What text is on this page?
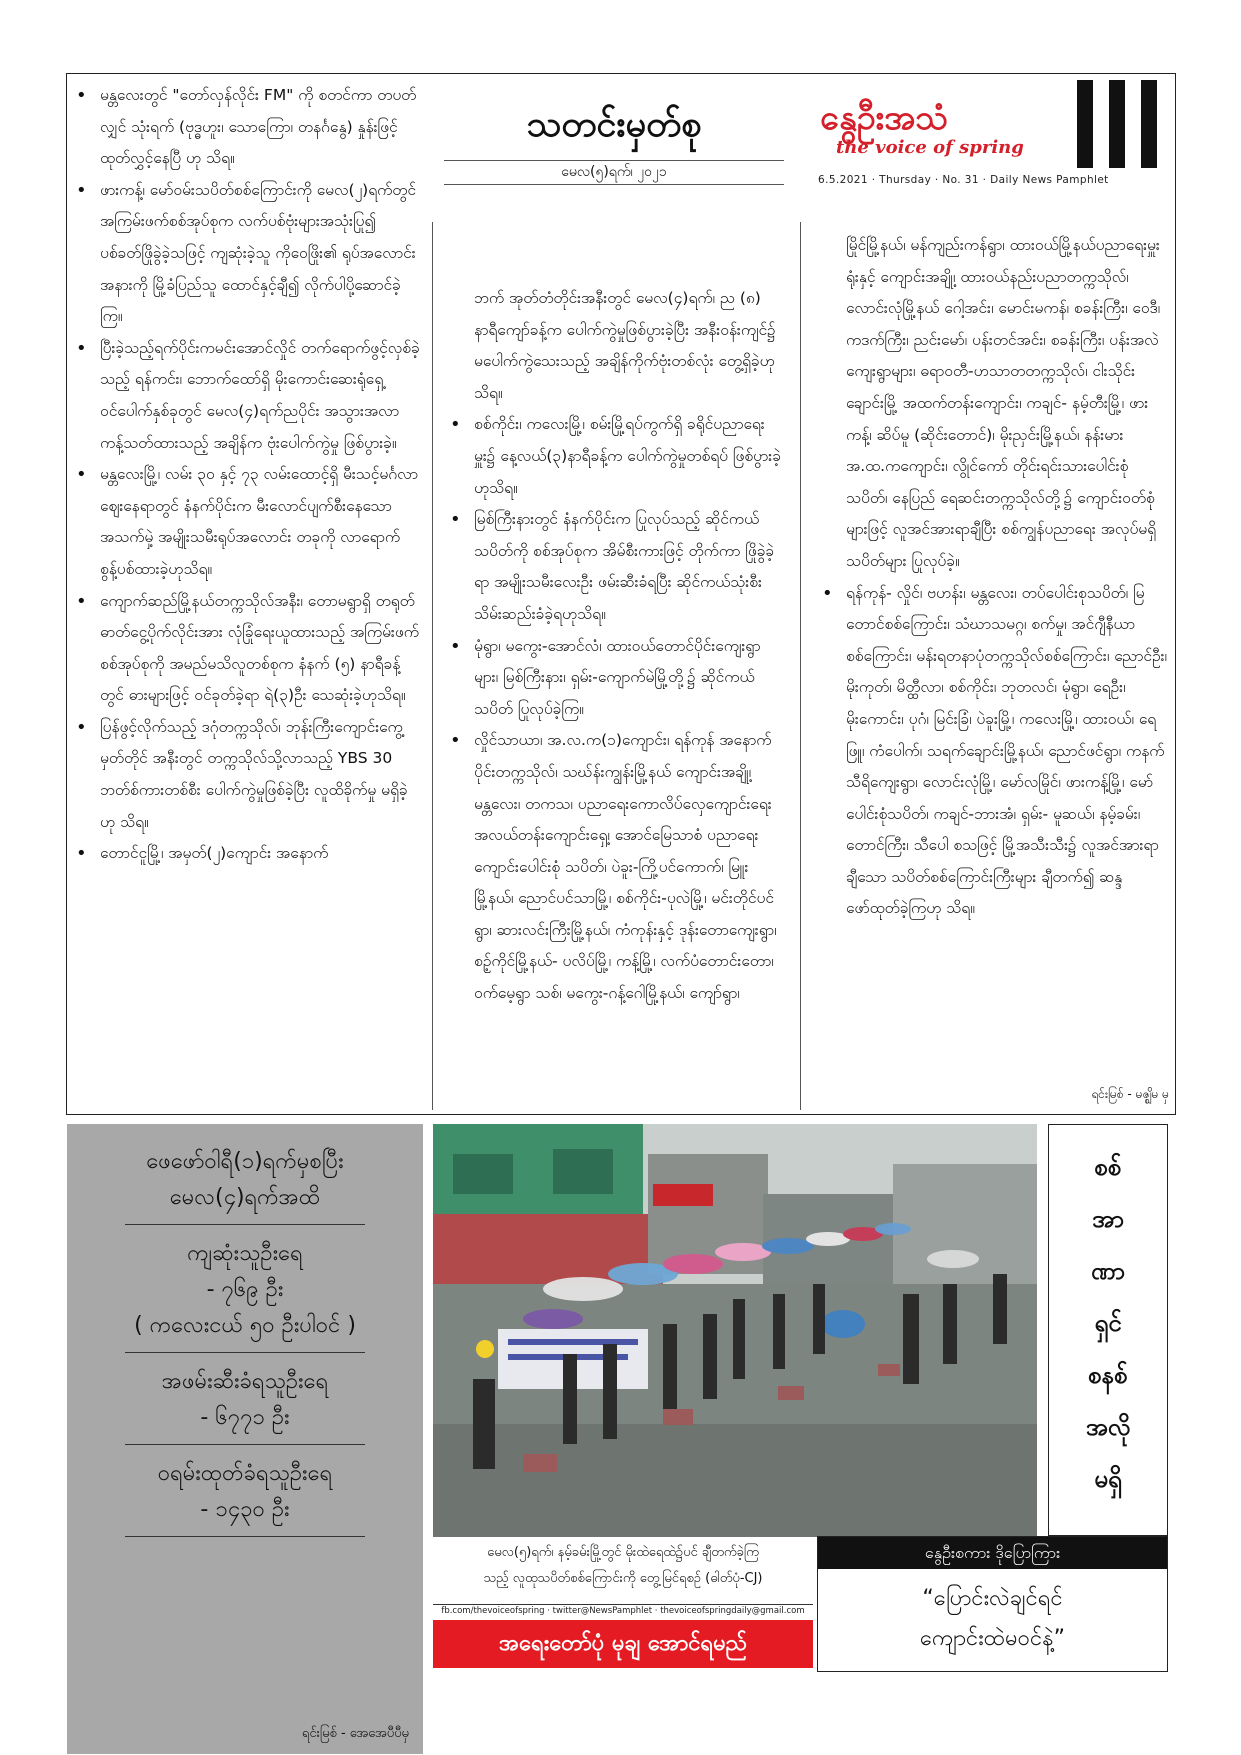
သတင်းမှတ်စု
မေလ(၅)ရက်၊ ၂၀၂၁
နွေဦးအသံ
the voice of spring
6.5.2021 · Thursday · No. 31 · Daily News Pamphlet
• မန္တလေးတွင် "တော်လှန်လိုင်း FM" ကို စတင်ကာ တပတ်လျှင် သုံးရက် (ဗုဒ္ဓဟူး၊ သောကြော၊ တနင်္ဂနွေ) နှုန်းဖြင့် ထုတ်လွှင့်နေပြီ ဟု သိရ။
• ဖားကန့်၊ မော်ဝမ်းသပိတ်စစ်ကြောင်းကို မေလ(၂)ရက်တွင် အကြမ်းဖက်စစ်အုပ်စုက လက်ပစ်ဗုံးများအသုံးပြု၍ ပစ်ခတ်ဖြိုခွဲခဲ့သဖြင့် ကျဆုံးခဲ့သူ ကိုဝေဖြိုး၏ ရုပ်အလောင်းအနားကို မြို့ခံပြည်သူ ထောင်နှင့်ချီ၍ လိုက်ပါပို့ဆောင်ခဲ့ကြ။
• ပြီးခဲ့သည့်ရက်ပိုင်းကမင်းအောင်လှိုင် တက်ရောက်ဖွင့်လှစ်ခဲ့သည့် ရန်ကင်း၊ ဘောက်ထော်ရှိ မိုးကောင်းဆေးရုံရှေ့ ဝင်ပေါက်နှစ်ခုတွင် မေလ(၄)ရက်ညပိုင်း အသွားအလာ ကန့်သတ်ထားသည့် အချိန်က ဗုံးပေါက်ကွဲမှု ဖြစ်ပွားခဲ့။
• မန္တလေးမြို့၊ လမ်း ၃၀ နှင့် ၇၃ လမ်းထောင့်ရှိ မီးသင့်မင်္ဂလာဈေးနေရာတွင် နံနက်ပိုင်းက မီးလောင်ပျက်စီးနေသော အသက်မှဲ့ အမျိုးသမီးရုပ်အလောင်း တခုကို လာရောက်စွန့်ပစ်ထားခဲ့ဟုသိရ။
• ကျောက်ဆည်မြို့နယ်တက္ကသိုလ်အနီး၊ တောမရွာရှိ တရုတ်ဓာတ်ငွေ့ပိုက်လိုင်းအား လုံခြုံရေးယူထားသည့် အကြမ်းဖက်စစ်အုပ်စုကို အမည်မသိလူတစ်စုက နံနက် (၅) နာရီခန့်တွင် ဓားများဖြင့် ဝင်ခုတ်ခဲ့ရာ ရဲ(၃)ဦး သေဆုံးခဲ့ဟုသိရ။
• ပြန်ဖွင့်လိုက်သည့် ဒဂုံတက္ကသိုလ်၊ ဘုန်းကြီးကျောင်းကွေ့မှတ်တိုင် အနီးတွင် တက္ကသိုလ်သို့လာသည့် YBS 30 ဘတ်စ်ကားတစ်စီး ပေါက်ကွဲမှုဖြစ်ခဲ့ပြီး လူထိခိုက်မှု မရှိခဲ့ဟု သိရ။
• တောင်ငူမြို့၊ အမှတ်(၂)ကျောင်း အနောက်
ဘက် အုတ်တံတိုင်းအနီးတွင် မေလ(၄)ရက်၊ ည (၈) နာရီကျော်ခန့်က ပေါက်ကွဲမှုဖြစ်ပွားခဲ့ပြီး အနီးဝန်းကျင်၌ မပေါက်ကွဲသေးသည့် အချိန်ကိုက်ဗုံးတစ်လုံး တွေ့ရှိခဲ့ဟုသိရ။
• စစ်ကိုင်း၊ ကလေးမြို့၊ စမ်းမြို့ရပ်ကွက်ရှိ ခရိုင်ပညာရေးမှူး၌ နေ့လယ်(၃)နာရီခန့်က ပေါက်ကွဲမှုတစ်ရပ် ဖြစ်ပွားခဲ့ဟုသိရ။
• မြစ်ကြီးနားတွင် နံနက်ပိုင်းက ပြုလုပ်သည့် ဆိုင်ကယ်သပိတ်ကို စစ်အုပ်စုက အိမ်စီးကားဖြင့် တိုက်ကာ ဖြိုခွဲခဲ့ရာ အမျိုးသမီးလေးဦး ဖမ်းဆီးခံရပြီး ဆိုင်ကယ်သုံးစီး သိမ်းဆည်းခံခဲ့ရဟုသိရ။
• မုံရွာ၊ မကွေး-အောင်လံ၊ ထားဝယ်တောင်ပိုင်းကျေးရွာများ၊ မြစ်ကြီးနား၊ ရှမ်း-ကျောက်မဲမြို့တို့၌ ဆိုင်ကယ်သပိတ် ပြုလုပ်ခဲ့ကြ။
• လှိုင်သာယာ၊ အ.လ.က(၁)ကျောင်း၊ ရန်ကုန် အနောက်ပိုင်းတက္ကသိုလ်၊ သဃ်န်းကျွန်းမြို့နယ် ကျောင်းအချို့၊ မန္တလေး၊ တကသ၊ ပညာရေးကောလိပ်လှေကျောင်းရေး အလယ်တန်းကျောင်းရှေ့၊ အောင်မြေသာစံ ပညာရေးကျောင်းပေါင်းစုံ သပိတ်၊ ပဲခူး-ကြို့ပင်ကောက်၊ မြူးမြို့နယ်၊ ညောင်ပင်သာမြို့၊ စစ်ကိုင်း-ပုလဲမြို့၊ မင်းတိုင်ပင်ရွာ၊ ဆားလင်းကြီးမြို့နယ်၊ ကံကုန်းနှင့် ဒုန်းတောကျေးရွာ၊ စဉ့်ကိုင်မြို့နယ်- ပလိပ်မြို့၊ ကန့်မြို့၊ လက်ပံတောင်းတော၊ ဝက်မေ့ရွာ သစ်၊ မကွေး-ဂန့်ဂေါမြို့နယ်၊ ကျော်ရွာ၊
မြိုင်မြို့နယ်၊ မန်ကျည်းကန်ရွာ၊ ထားဝယ်မြို့နယ်ပညာရေးမှူးရုံးနှင့် ကျောင်းအချို့၊ ထားဝယ်နည်းပညာတက္ကသိုလ်၊ လောင်းလုံမြို့နယ် ဂေါ့အင်း၊ မောင်းမကန်၊ စခန်းကြီး၊ ဝေဒီ၊ ကဒက်ကြီး၊ ညင်းမော်၊ ပန်းတင်အင်း၊ စခန်းကြီး၊ ပန်းအလဲကျေးရွာများ၊ ဓရာဝတီ-ဟသာတတက္ကသိုလ်၊ ငါးသိုင်းချောင်းမြို့ အထက်တန်းကျောင်း၊ ကချင်- နမ့်တီးမြို့၊ ဖားကန့်၊ ဆိပ်မူ (ဆိုင်းတောင်)၊ မိုးညှင်းမြို့နယ်၊ နန်းမား အ.ထ.ကကျောင်း၊ လွိုင်ကော် တိုင်းရင်းသားပေါင်းစုံသပိတ်၊ နေပြည် ရေဆင်းတက္ကသိုလ်တို့၌ ကျောင်းဝတ်စုံများဖြင့် လူအင်အားရာချီပြီး စစ်ကျွန်ပညာရေး အလုပ်မရှိ သပိတ်များ ပြုလုပ်ခဲ့။
• ရန်ကုန်- လှိုင်၊ ဗဟန်း၊ မန္တလေး၊ တပ်ပေါင်းစုသပိတ်၊ မြတောင်စစ်ကြောင်း၊ သံဃာသမဂ္ဂ၊ စက်မှု၊ အင်ဂျီနီယာစစ်ကြောင်း၊ မန်းရတနာပုံတက္ကသိုလ်စစ်ကြောင်း၊ ညောင်ဦး၊ မိုးကုတ်၊ မိတ္ထီလာ၊ စစ်ကိုင်း၊ ဘုတလင်၊ မုံရွာ၊ ရေဦး၊ မိုးကောင်း၊ ပုဂံ၊ မြင်းခြံ၊ ပဲခူးမြို့၊ ကလေးမြို့၊ ထားဝယ်၊ ရေဖြူ၊ ကံပေါက်၊ သရက်ချောင်းမြို့နယ်၊ ညောင်ဖင်ရွာ၊ ကနက်သီရိကျေးရွာ၊ လောင်းလုံမြို့၊ မော်လမြိုင်၊ ဖားကန့်မြို့၊ မော်ပေါင်းစုံသပိတ်၊ ကချင်-ဘားအံ၊ ရှမ်း- မူဆယ်၊ နမ့်ခမ်း၊ တောင်ကြီး၊ သီပေါ စသဖြင့် မြို့အသီးသီး၌ လူအင်အားရာချီသော သပိတ်စစ်ကြောင်းကြီးများ ချီတက်၍ ဆန္ဒဖော်ထုတ်ခဲ့ကြဟု သိရ။
ရင်းမြစ် - မဇ္ဈိမ မှ
ဖေဖော်ဝါရီ(၁)ရက်မှစပြီး
မေလ(၄)ရက်အထိ
ကျဆုံးသူဦးရေ
- ၇၆၉ ဦး
( ကလေးငယ် ၅၀ ဦးပါဝင် )
အဖမ်းဆီးခံရသူဦးရေ
- ၆၇၇၁ ဦး
ဝရမ်းထုတ်ခံရသူဦးရေ
- ၁၄၃၀ ဦး
ရင်းမြစ် - အေအေပီပီမှ
မေလ(၅)ရက်၊ နမ့်ခမ်းမြို့တွင် မိုးထဲရေထဲ၌ပင် ချီတက်ခဲ့ကြ
သည့် လူထုသပိတ်စစ်ကြောင်းကို တွေ့မြင်ရစဉ် (ဓါတ်ပုံ-CJ)
fb.com/thevoiceofspring · twitter@NewsPamphlet · thevoiceofspringdaily@gmail.com
အရေးတော်ပုံ မုချ အောင်ရမည်
စစ်
အာ
ဏာ
ရှင်
စနစ်
အလို
မရှိ
နွေဦးစကား ဒိုပြောကြား
“ပြောင်းလဲချင်ရင်
ကျောင်းထဲမဝင်နဲ့”
